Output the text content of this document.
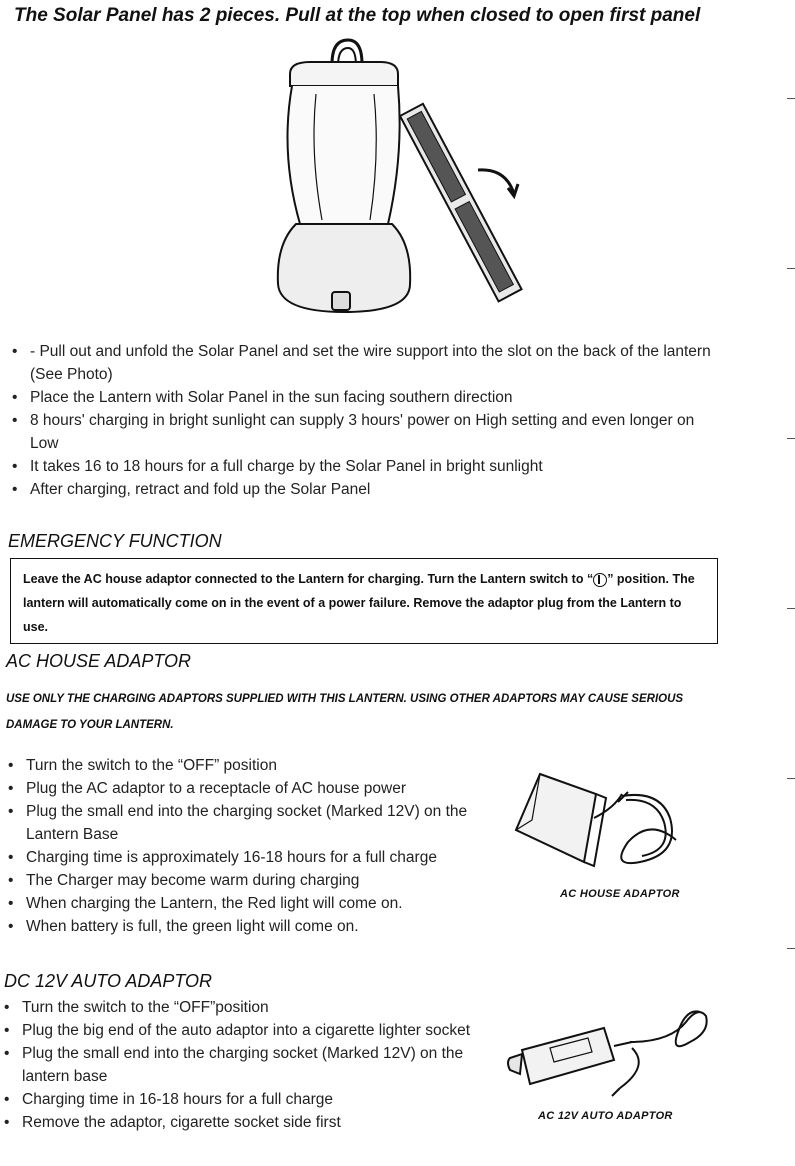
The Solar Panel has 2 pieces. Pull at the top when closed to open first panel
• - Pull out and unfold the Solar Panel and set the wire support into the slot on the back of the lantern (See Photo)
• Place the Lantern with Solar Panel in the sun facing southern direction
• 8 hours' charging in bright sunlight can supply 3 hours' power on High setting and even longer on Low
• It takes 16 to 18 hours for a full charge by the Solar Panel in bright sunlight
• After charging, retract and fold up the Solar Panel
EMERGENCY FUNCTION
Leave the AC house adaptor connected to the Lantern for charging. Turn the Lantern switch to “ ” position. The lantern will automatically come on in the event of a power failure. Remove the adaptor plug from the Lantern to use.
AC HOUSE ADAPTOR
USE ONLY THE CHARGING ADAPTORS SUPPLIED WITH THIS LANTERN. USING OTHER ADAPTORS MAY CAUSE SERIOUS DAMAGE TO YOUR LANTERN.
• Turn the switch to the “OFF” position
• Plug the AC adaptor to a receptacle of AC house power
• Plug the small end into the charging socket (Marked 12V) on the Lantern Base
• Charging time is approximately 16-18 hours for a full charge
• The Charger may become warm during charging
• When charging the Lantern, the Red light will come on.
• When battery is full, the green light will come on.
AC HOUSE ADAPTOR
DC 12V AUTO ADAPTOR
• Turn the switch to the “OFF”position
• Plug the big end of the auto adaptor into a cigarette lighter socket
• Plug the small end into the charging socket (Marked 12V) on the lantern base
• Charging time in 16-18 hours for a full charge
• Remove the adaptor, cigarette socket side first	AC 12V AUTO ADAPTOR
